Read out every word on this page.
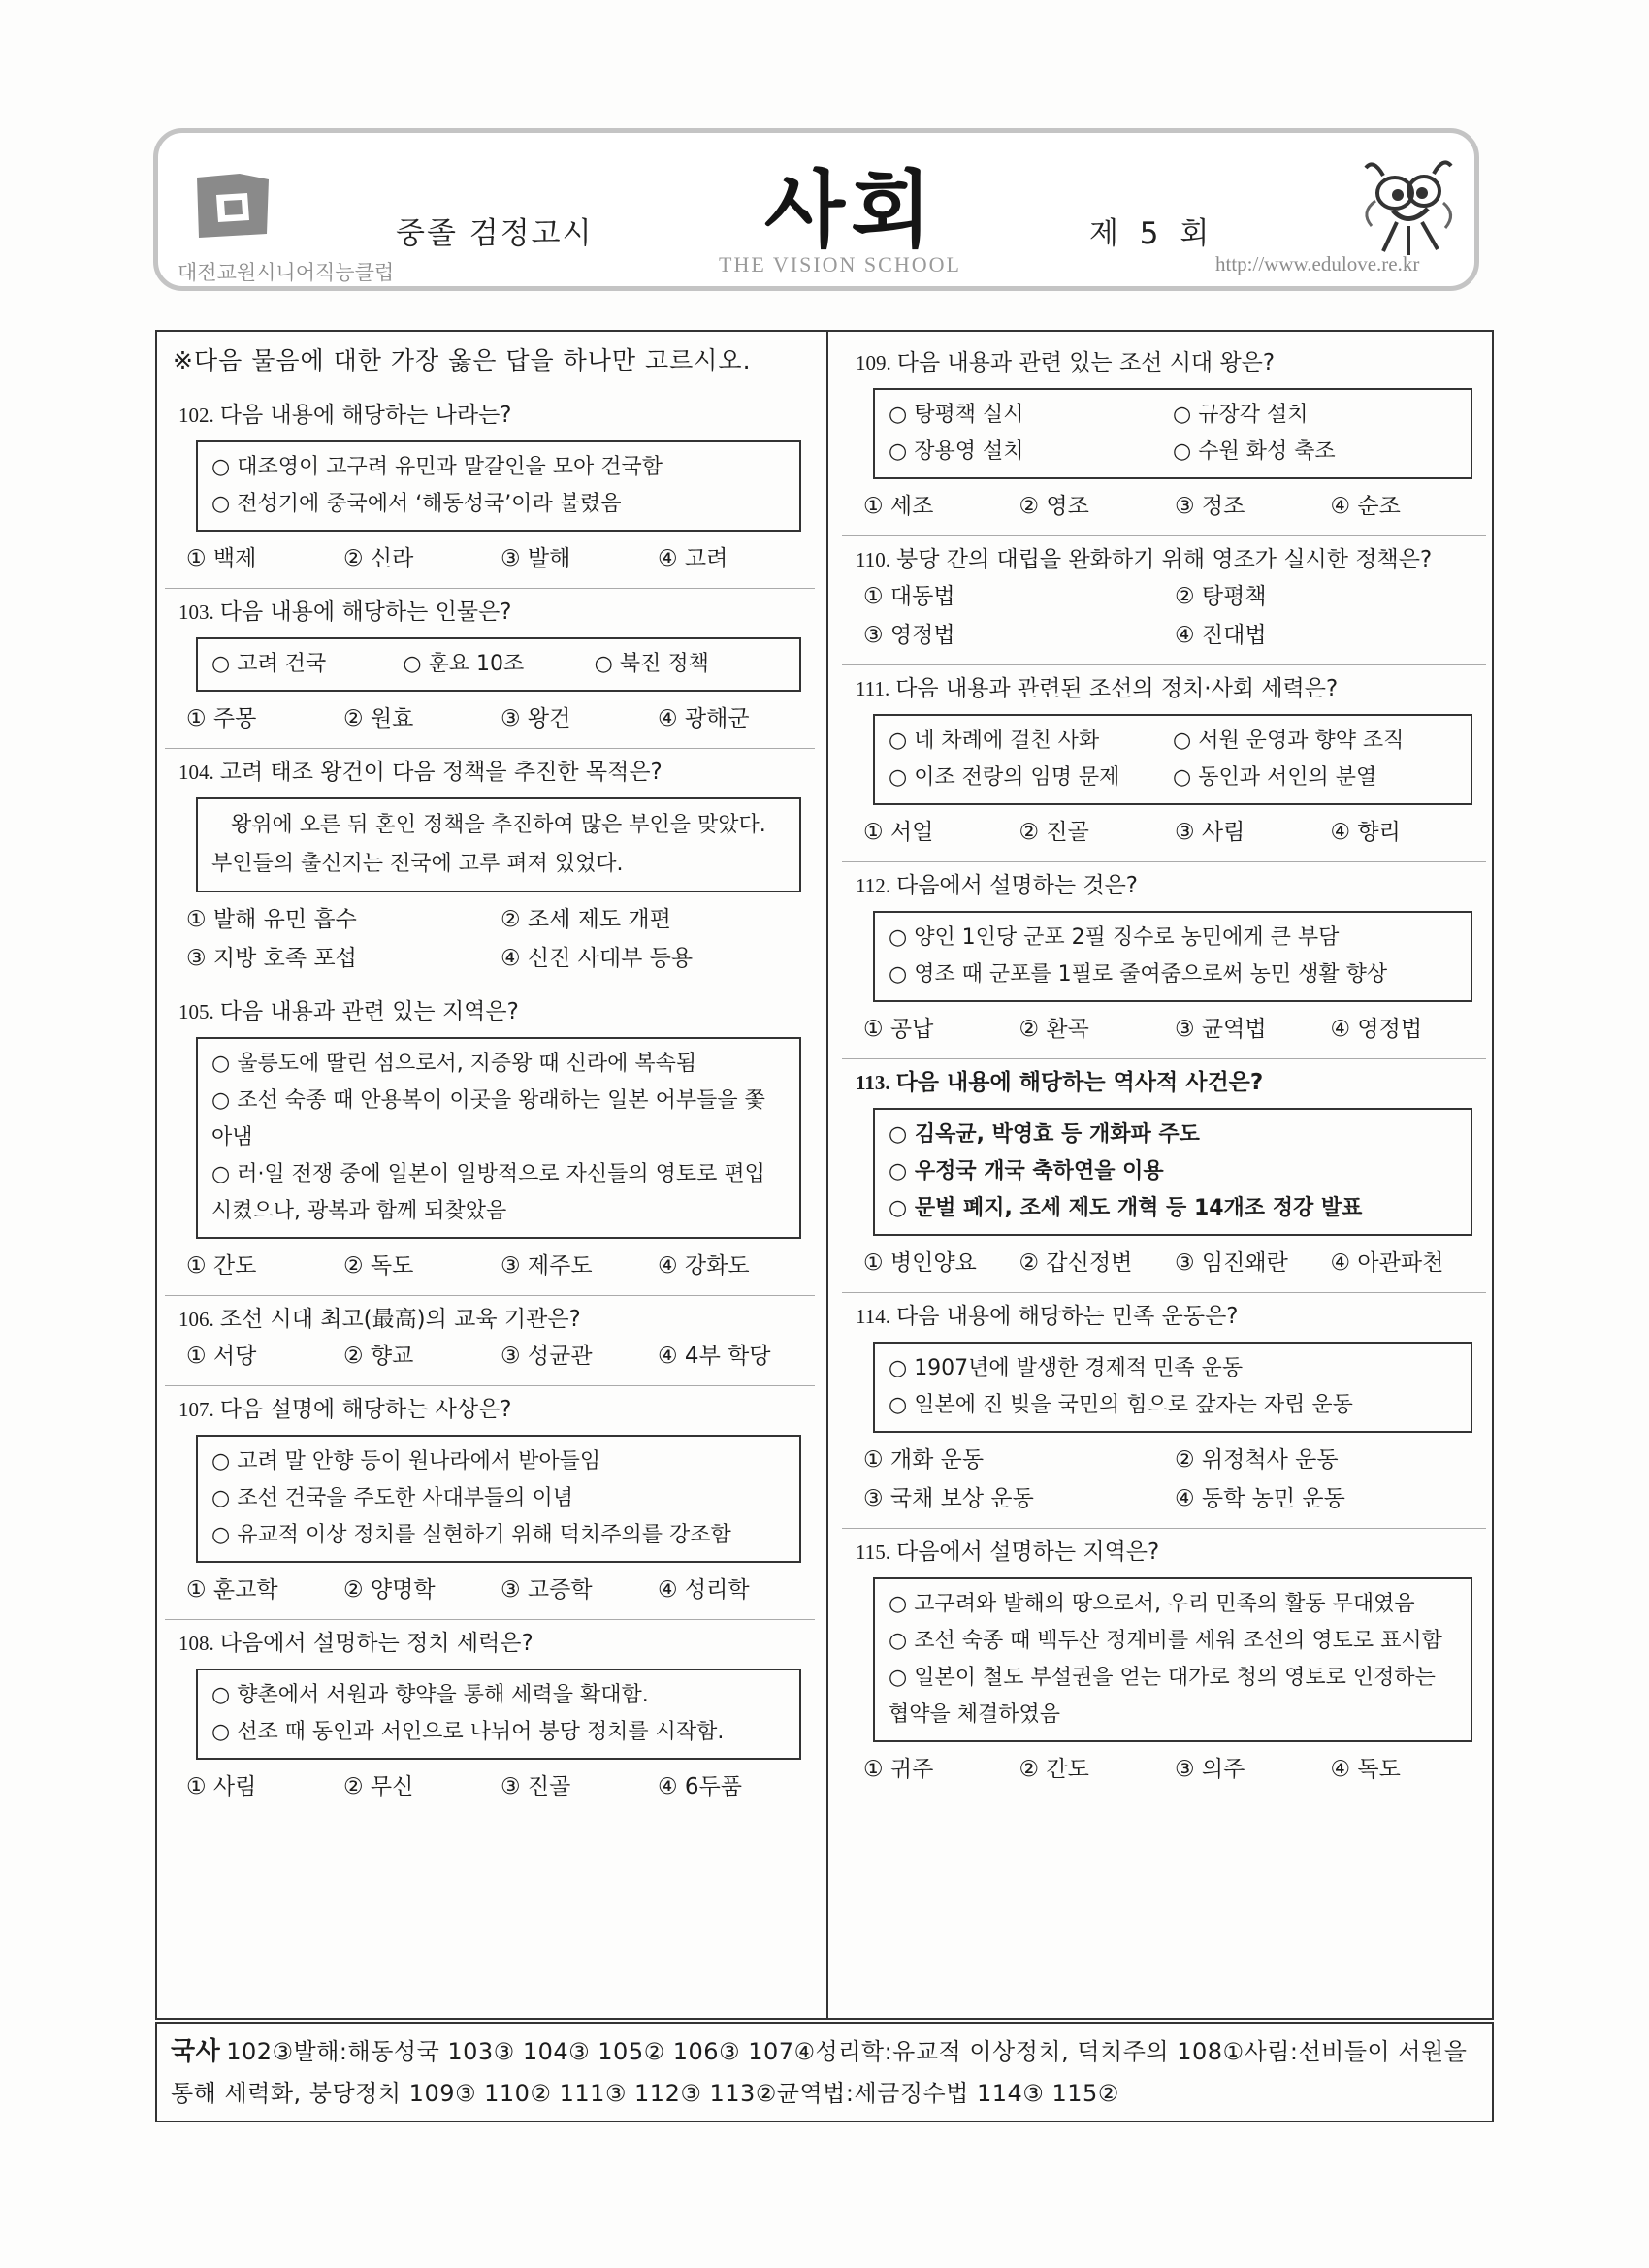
대전교원시니어직능클럽
중졸 검정고시 사회
THE VISION SCHOOL
제 5 회
http://www.edulove.re.kr
※다음 물음에 대한 가장 옳은 답을 하나만 고르시오.
102. 다음 내용에 해당하는 나라는?
○ 대조영이 고구려 유민과 말갈인을 모아 건국함
○ 전성기에 중국에서 ‘해동성국’이라 불렸음
① 백제	② 신라	③ 발해	④ 고려
103. 다음 내용에 해당하는 인물은?
○ 고려 건국	○ 훈요 10조	○ 북진 정책
① 주몽	② 원효	③ 왕건	④ 광해군
104. 고려 태조 왕건이 다음 정책을 추진한 목적은?
왕위에 오른 뒤 혼인 정책을 추진하여 많은 부인을 맞았다. 부인들의 출신지는 전국에 고루 펴져 있었다.
① 발해 유민 흡수	② 조세 제도 개편
③ 지방 호족 포섭	④ 신진 사대부 등용
105. 다음 내용과 관련 있는 지역은?
○ 울릉도에 딸린 섬으로서, 지증왕 때 신라에 복속됨
○ 조선 숙종 때 안용복이 이곳을 왕래하는 일본 어부들을 쫓아냄
○ 러·일 전쟁 중에 일본이 일방적으로 자신들의 영토로 편입시켰으나, 광복과 함께 되찾았음
① 간도	② 독도	③ 제주도	④ 강화도
106. 조선 시대 최고(最高)의 교육 기관은?
① 서당	② 향교	③ 성균관	④ 4부 학당
107. 다음 설명에 해당하는 사상은?
○ 고려 말 안향 등이 원나라에서 받아들임
○ 조선 건국을 주도한 사대부들의 이념
○ 유교적 이상 정치를 실현하기 위해 덕치주의를 강조함
① 훈고학	② 양명학	③ 고증학	④ 성리학
108. 다음에서 설명하는 정치 세력은?
○ 향촌에서 서원과 향약을 통해 세력을 확대함.
○ 선조 때 동인과 서인으로 나뉘어 붕당 정치를 시작함.
① 사림	② 무신	③ 진골	④ 6두품
109. 다음 내용과 관련 있는 조선 시대 왕은?
○ 탕평책 실시	○ 규장각 설치
○ 장용영 설치	○ 수원 화성 축조
① 세조	② 영조	③ 정조	④ 순조
110. 붕당 간의 대립을 완화하기 위해 영조가 실시한 정책은?
① 대동법	② 탕평책
③ 영정법	④ 진대법
111. 다음 내용과 관련된 조선의 정치·사회 세력은?
○ 네 차례에 걸친 사화	○ 서원 운영과 향약 조직
○ 이조 전랑의 임명 문제	○ 동인과 서인의 분열
① 서얼	② 진골	③ 사림	④ 향리
112. 다음에서 설명하는 것은?
○ 양인 1인당 군포 2필 징수로 농민에게 큰 부담
○ 영조 때 군포를 1필로 줄여줌으로써 농민 생활 향상
① 공납	② 환곡	③ 균역법	④ 영정법
113. 다음 내용에 해당하는 역사적 사건은?
○ 김옥균, 박영효 등 개화파 주도
○ 우정국 개국 축하연을 이용
○ 문벌 폐지, 조세 제도 개혁 등 14개조 정강 발표
① 병인양요	② 갑신정변	③ 임진왜란	④ 아관파천
114. 다음 내용에 해당하는 민족 운동은?
○ 1907년에 발생한 경제적 민족 운동
○ 일본에 진 빚을 국민의 힘으로 갚자는 자립 운동
① 개화 운동	② 위정척사 운동
③ 국채 보상 운동	④ 동학 농민 운동
115. 다음에서 설명하는 지역은?
○ 고구려와 발해의 땅으로서, 우리 민족의 활동 무대였음
○ 조선 숙종 때 백두산 정계비를 세워 조선의 영토로 표시함
○ 일본이 철도 부설권을 얻는 대가로 청의 영토로 인정하는 협약을 체결하였음
① 귀주	② 간도	③ 의주	④ 독도
국사 102③발해:해동성국 103③ 104③ 105② 106③ 107④성리학:유교적 이상정치, 덕치주의 108①사림:선비들이 서원을 통해 세력화, 붕당정치 109③ 110② 111③ 112③ 113②균역법:세금징수법 114③ 115②
